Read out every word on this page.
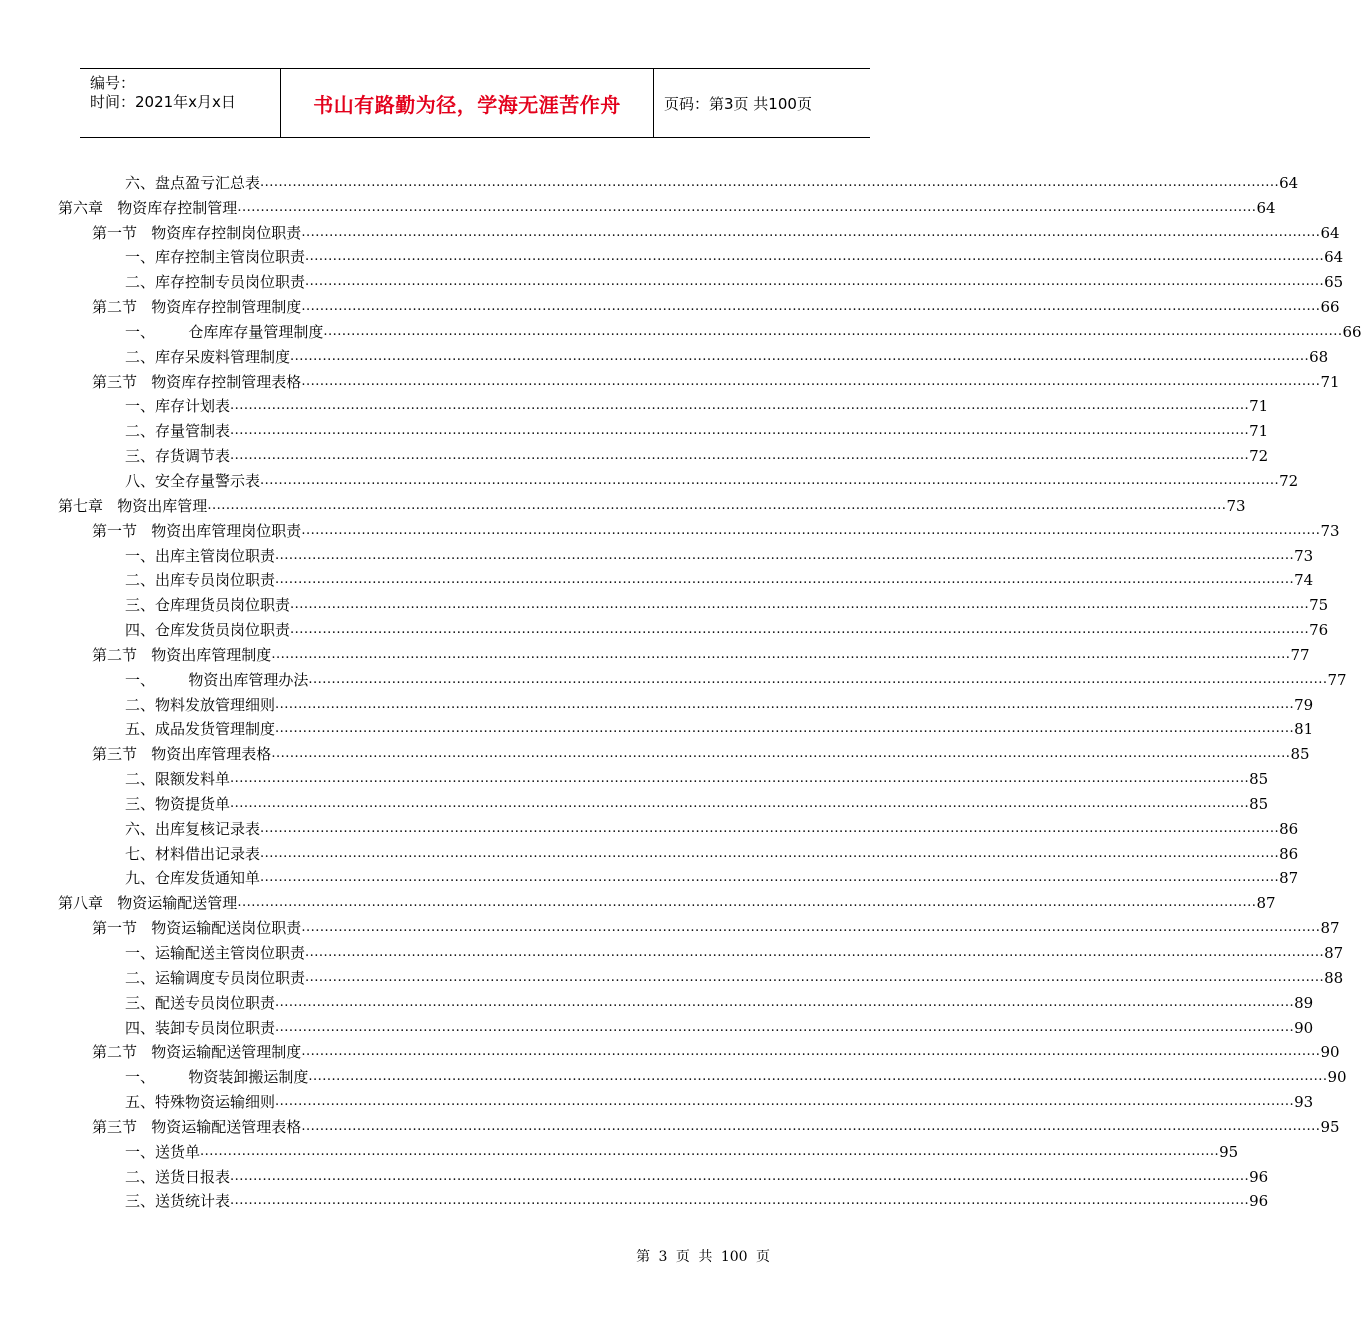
编号：
时间：2021年x月x日	书山有路勤为径，学海无涯苦作舟	页码：第3页 共100页
六、盘点盈亏汇总表 ............................................................................................................................................................................................................................ 64
第六章   物资库存控制管理 ............................................................................................................................................................................................................................ 64
第一节   物资库存控制岗位职责 ............................................................................................................................................................................................................................ 64
一、库存控制主管岗位职责 ............................................................................................................................................................................................................................ 64
二、库存控制专员岗位职责 ............................................................................................................................................................................................................................ 65
第二节   物资库存控制管理制度 ............................................................................................................................................................................................................................ 66
一、       仓库库存量管理制度 ............................................................................................................................................................................................................................ 66
二、库存呆废料管理制度 ............................................................................................................................................................................................................................ 68
第三节   物资库存控制管理表格 ............................................................................................................................................................................................................................ 71
一、库存计划表 ............................................................................................................................................................................................................................ 71
二、存量管制表 ............................................................................................................................................................................................................................ 71
三、存货调节表 ............................................................................................................................................................................................................................ 72
八、安全存量警示表 ............................................................................................................................................................................................................................ 72
第七章   物资出库管理 ............................................................................................................................................................................................................................ 73
第一节   物资出库管理岗位职责 ............................................................................................................................................................................................................................ 73
一、出库主管岗位职责 ............................................................................................................................................................................................................................ 73
二、出库专员岗位职责 ............................................................................................................................................................................................................................ 74
三、仓库理货员岗位职责 ............................................................................................................................................................................................................................ 75
四、仓库发货员岗位职责 ............................................................................................................................................................................................................................ 76
第二节   物资出库管理制度 ............................................................................................................................................................................................................................ 77
一、       物资出库管理办法 ............................................................................................................................................................................................................................ 77
二、物料发放管理细则 ............................................................................................................................................................................................................................ 79
五、成品发货管理制度 ............................................................................................................................................................................................................................ 81
第三节   物资出库管理表格 ............................................................................................................................................................................................................................ 85
二、限额发料单 ............................................................................................................................................................................................................................ 85
三、物资提货单 ............................................................................................................................................................................................................................ 85
六、出库复核记录表 ............................................................................................................................................................................................................................ 86
七、材料借出记录表 ............................................................................................................................................................................................................................ 86
九、仓库发货通知单 ............................................................................................................................................................................................................................ 87
第八章   物资运输配送管理 ............................................................................................................................................................................................................................ 87
第一节   物资运输配送岗位职责 ............................................................................................................................................................................................................................ 87
一、运输配送主管岗位职责 ............................................................................................................................................................................................................................ 87
二、运输调度专员岗位职责 ............................................................................................................................................................................................................................ 88
三、配送专员岗位职责 ............................................................................................................................................................................................................................ 89
四、装卸专员岗位职责 ............................................................................................................................................................................................................................ 90
第二节   物资运输配送管理制度 ............................................................................................................................................................................................................................ 90
一、       物资装卸搬运制度 ............................................................................................................................................................................................................................ 90
五、特殊物资运输细则 ............................................................................................................................................................................................................................ 93
第三节   物资运输配送管理表格 ............................................................................................................................................................................................................................ 95
一、送货单 ............................................................................................................................................................................................................................ 95
二、送货日报表 ............................................................................................................................................................................................................................ 96
三、送货统计表 ............................................................................................................................................................................................................................ 96
第 3 页 共 100 页
